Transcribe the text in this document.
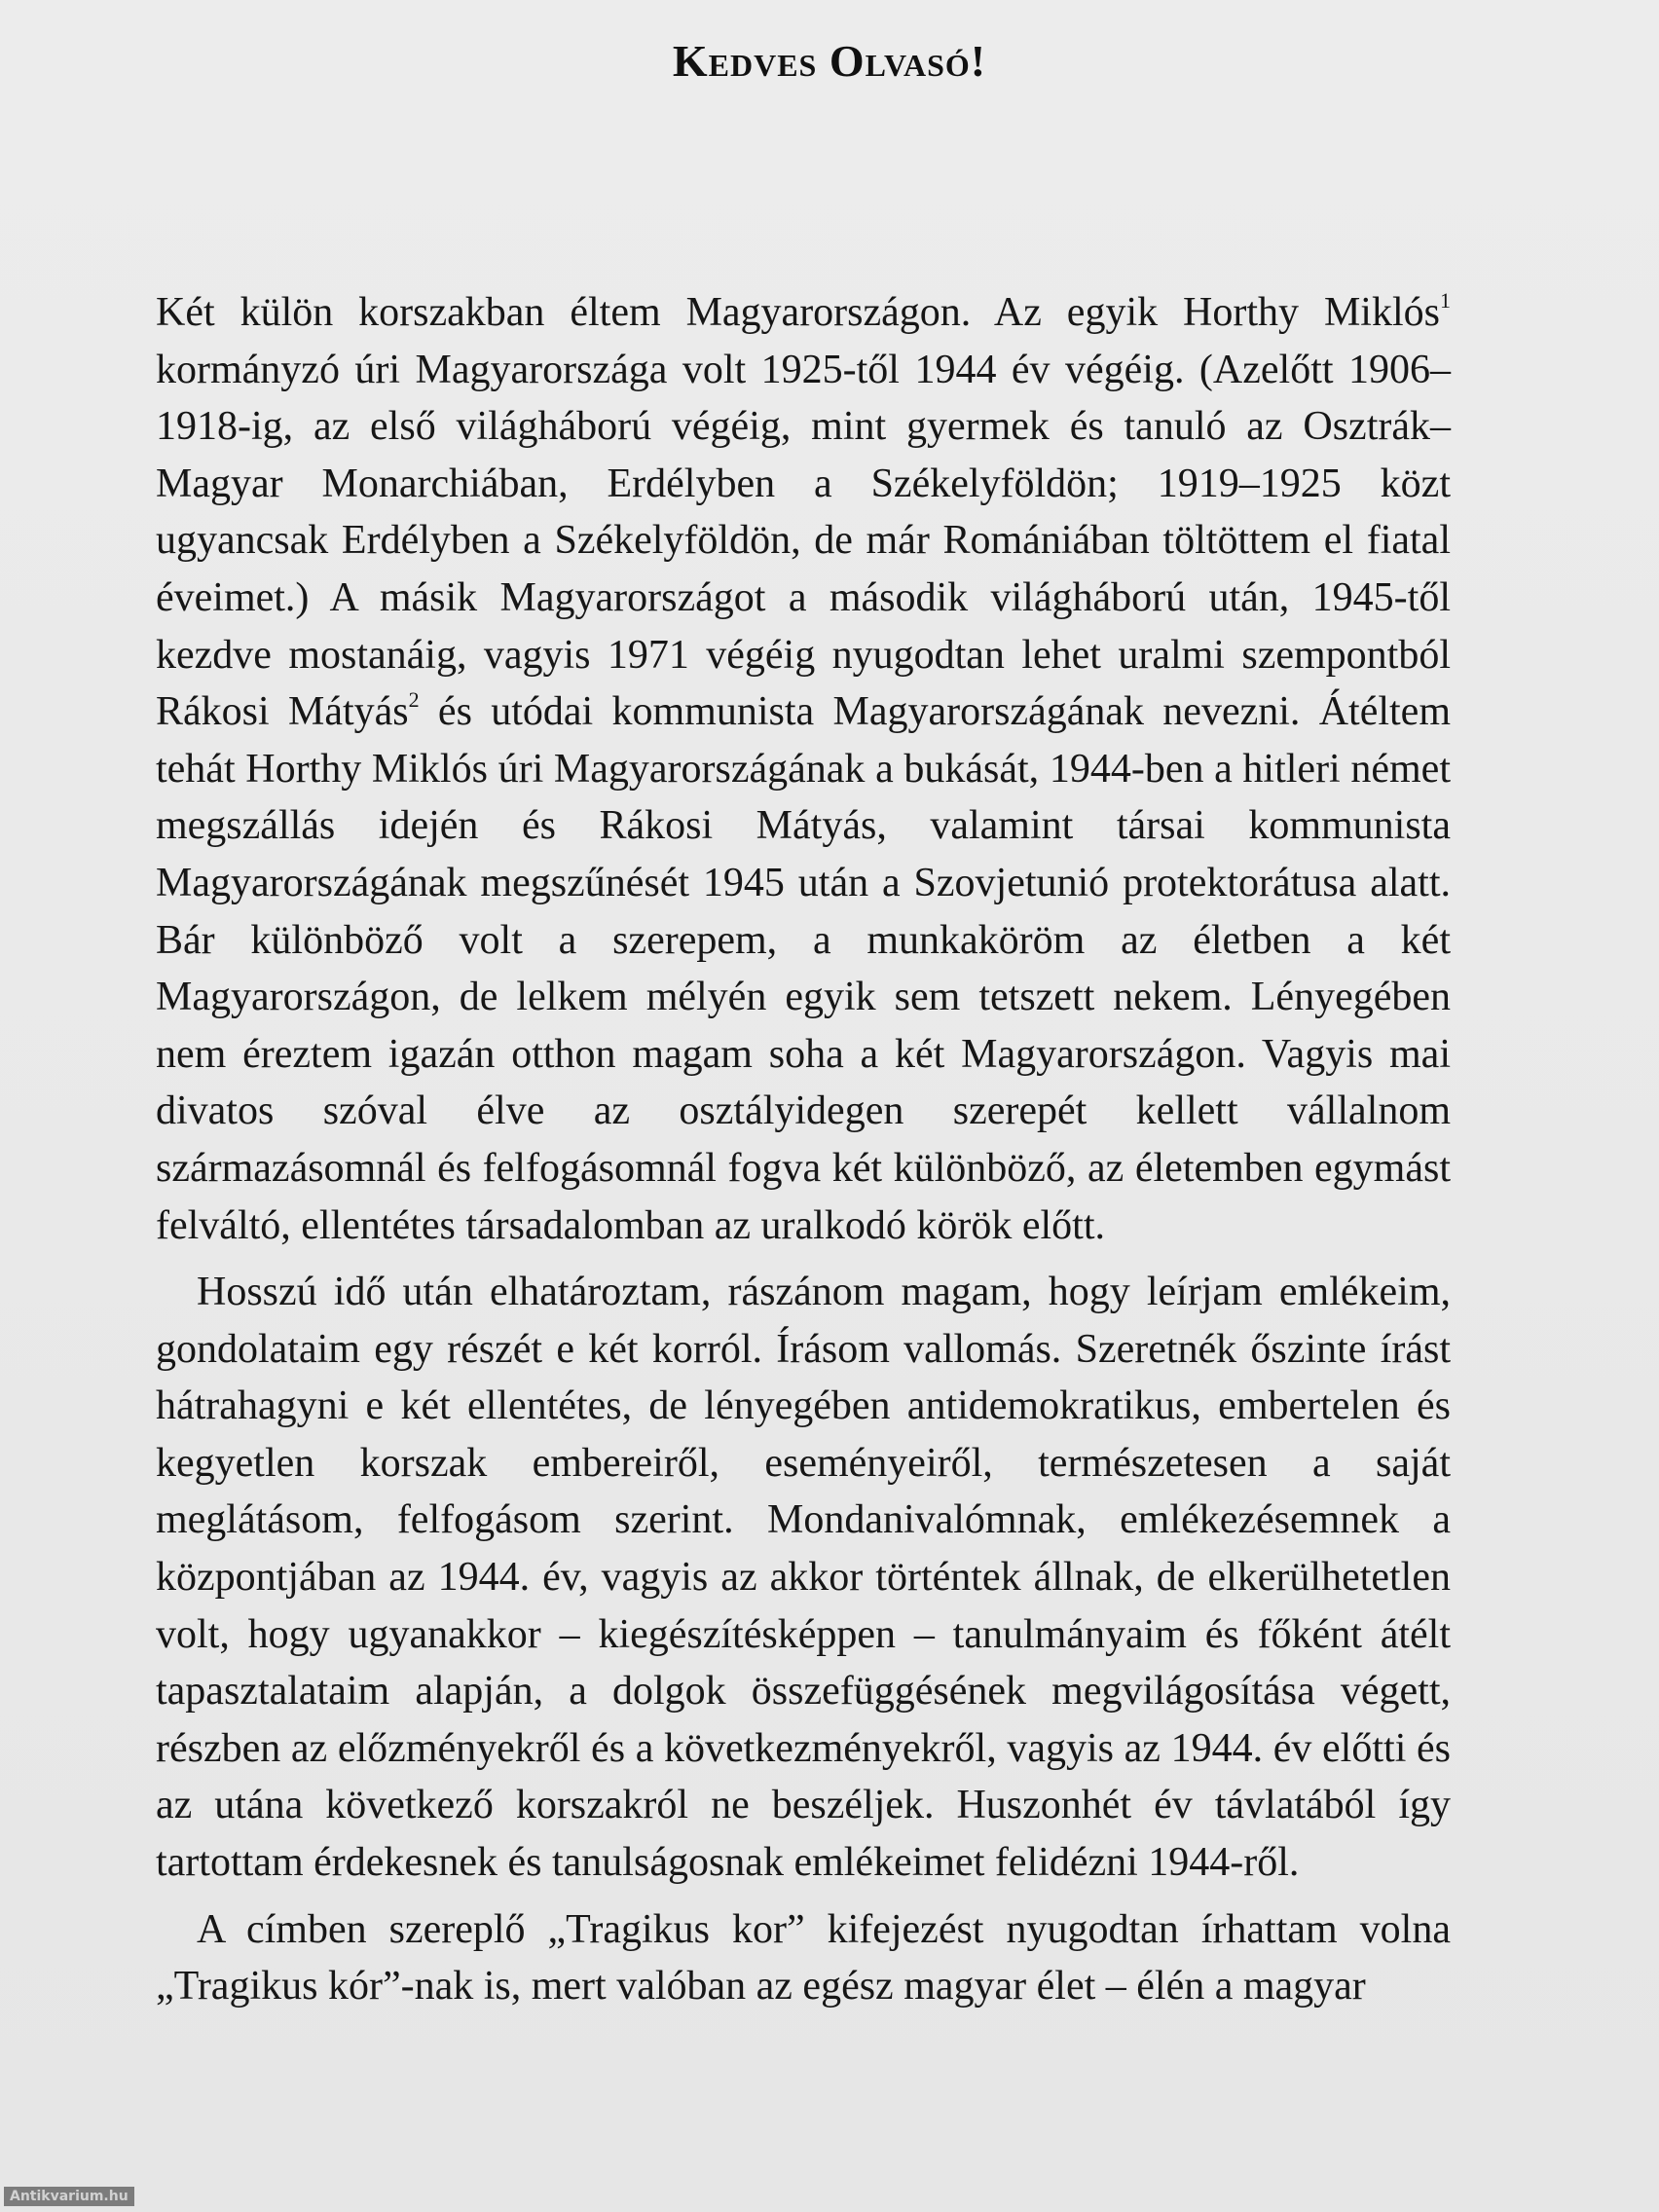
Kedves Olvasó!

Két külön korszakban éltem Magyarországon. Az egyik Horthy Miklós$^1$ kormányzó úri Magyarországa volt 1925-től 1944 év végéig. (Azelőtt 1906–1918-ig, az első világháború végéig, mint gyermek és tanuló az Osztrák–Magyar Monarchiában, Erdélyben a Székelyföldön; 1919–1925 közt ugyancsak Erdélyben a Székelyföldön, de már Romániában töltöttem el fiatal éveimet.) A másik Magyarországot a második világháború után, 1945-től kezdve mostanáig, vagyis 1971 végéig nyugodtan lehet uralmi szempontból Rákosi Mátyás$^2$ és utódai kommunista Magyarországának nevezni. Átéltem tehát Horthy Miklós úri Magyarországának a bukását, 1944-ben a hitleri német megszállás idején és Rákosi Mátyás, valamint társai kommunista Magyarországának megszűnését 1945 után a Szovjetunió protektorátusa alatt. Bár különböző volt a szerepem, a munkaköröm az életben a két Magyarországon, de lelkem mélyén egyik sem tetszett nekem. Lényegében nem éreztem igazán otthon magam soha a két Magyarországon. Vagyis mai divatos szóval élve az osztályidegen szerepét kellett vállalnom származásomnál és felfogásomnál fogva két különböző, az életemben egymást felváltó, ellentétes társadalomban az uralkodó körök előtt.

Hosszú idő után elhatároztam, rászánom magam, hogy leírjam emlékeim, gondolataim egy részét e két korról. Írásom vallomás. Szeretnék őszinte írást hátrahagyni e két ellentétes, de lényegében antidemokratikus, embertelen és kegyetlen korszak embereiről, eseményeiről, természetesen a saját meglátásom, felfogásom szerint. Mondanivalómnak, emlékezésemnek a központjában az 1944. év, vagyis az akkor történtek állnak, de elkerülhetetlen volt, hogy ugyanakkor – kiegészítésképpen – tanulmányaim és főként átélt tapasztalataim alapján, a dolgok összefüggésének megvilágosítása végett, részben az előzményekről és a következményekről, vagyis az 1944. év előtti és az utána következő korszakról ne beszéljek. Huszonhét év távlatából így tartottam érdekesnek és tanulságosnak emlékeimet felidézni 1944-ről.

A címben szereplő „Tragikus kor” kifejezést nyugodtan írhattam volna „Tragikus kór”-nak is, mert valóban az egész magyar élet – élén a magyar

Antikvarium.hu
